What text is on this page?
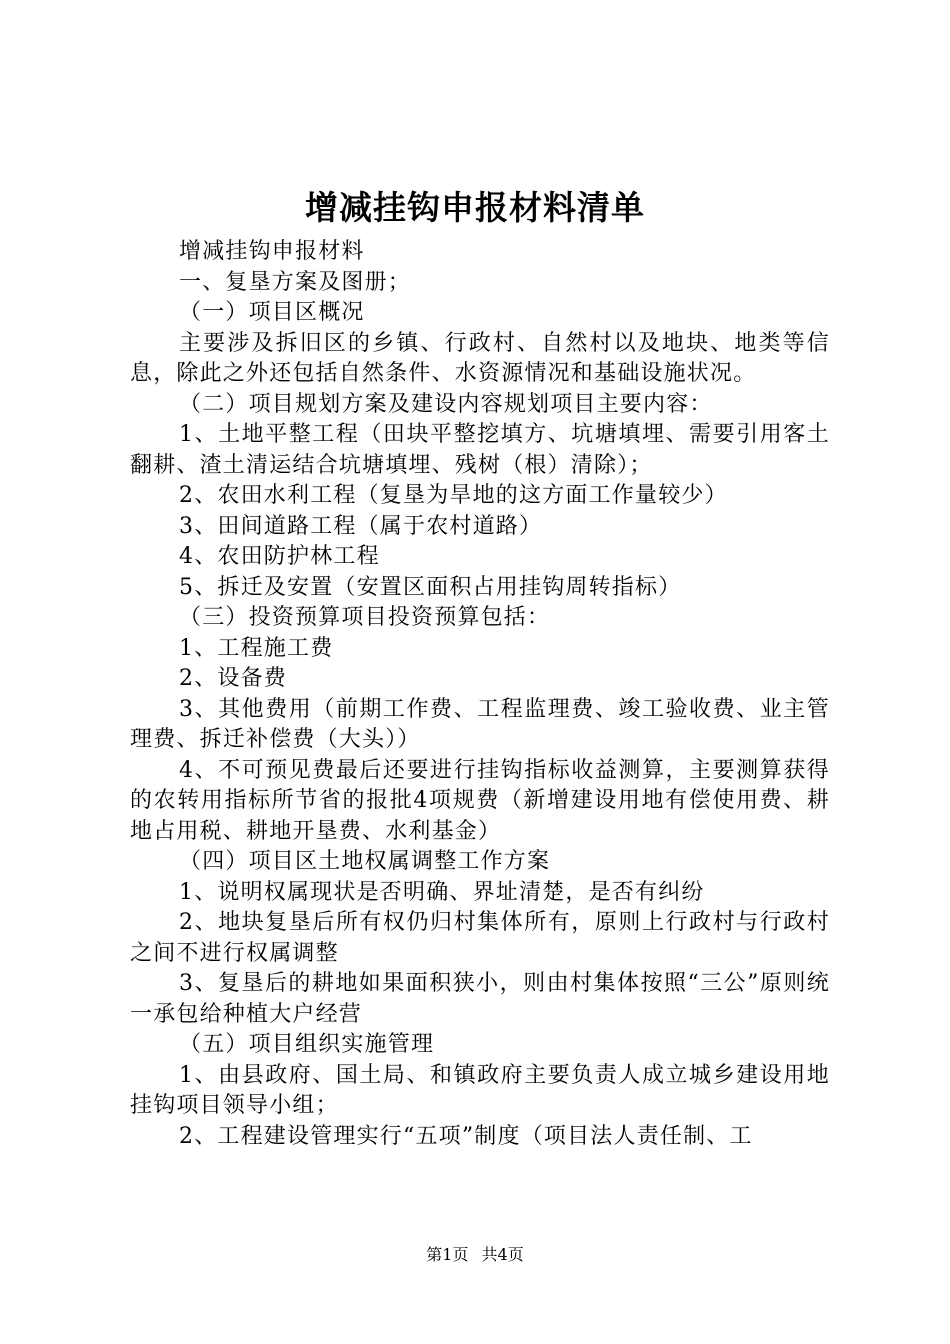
增减挂钩申报材料清单

增减挂钩申报材料

一、复垦方案及图册；

（一）项目区概况

主要涉及拆旧区的乡镇、行政村、自然村以及地块、地类等信息，除此之外还包括自然条件、水资源情况和基础设施状况。

（二）项目规划方案及建设内容规划项目主要内容：

1、土地平整工程（田块平整挖填方、坑塘填埋、需要引用客土翻耕、渣土清运结合坑塘填埋、残树（根）清除）；

2、农田水利工程（复垦为旱地的这方面工作量较少）

3、田间道路工程（属于农村道路）

4、农田防护林工程

5、拆迁及安置（安置区面积占用挂钩周转指标）

（三）投资预算项目投资预算包括：

1、工程施工费

2、设备费

3、其他费用（前期工作费、工程监理费、竣工验收费、业主管理费、拆迁补偿费（大头））

4、不可预见费最后还要进行挂钩指标收益测算，主要测算获得的农转用指标所节省的报批4项规费（新增建设用地有偿使用费、耕地占用税、耕地开垦费、水利基金）

（四）项目区土地权属调整工作方案

1、说明权属现状是否明确、界址清楚，是否有纠纷

2、地块复垦后所有权仍归村集体所有，原则上行政村与行政村之间不进行权属调整

3、复垦后的耕地如果面积狭小，则由村集体按照“三公”原则统一承包给种植大户经营

（五）项目组织实施管理

1、由县政府、国土局、和镇政府主要负责人成立城乡建设用地挂钩项目领导小组；

2、工程建设管理实行“五项”制度（项目法人责任制、工

第1页 共4页
